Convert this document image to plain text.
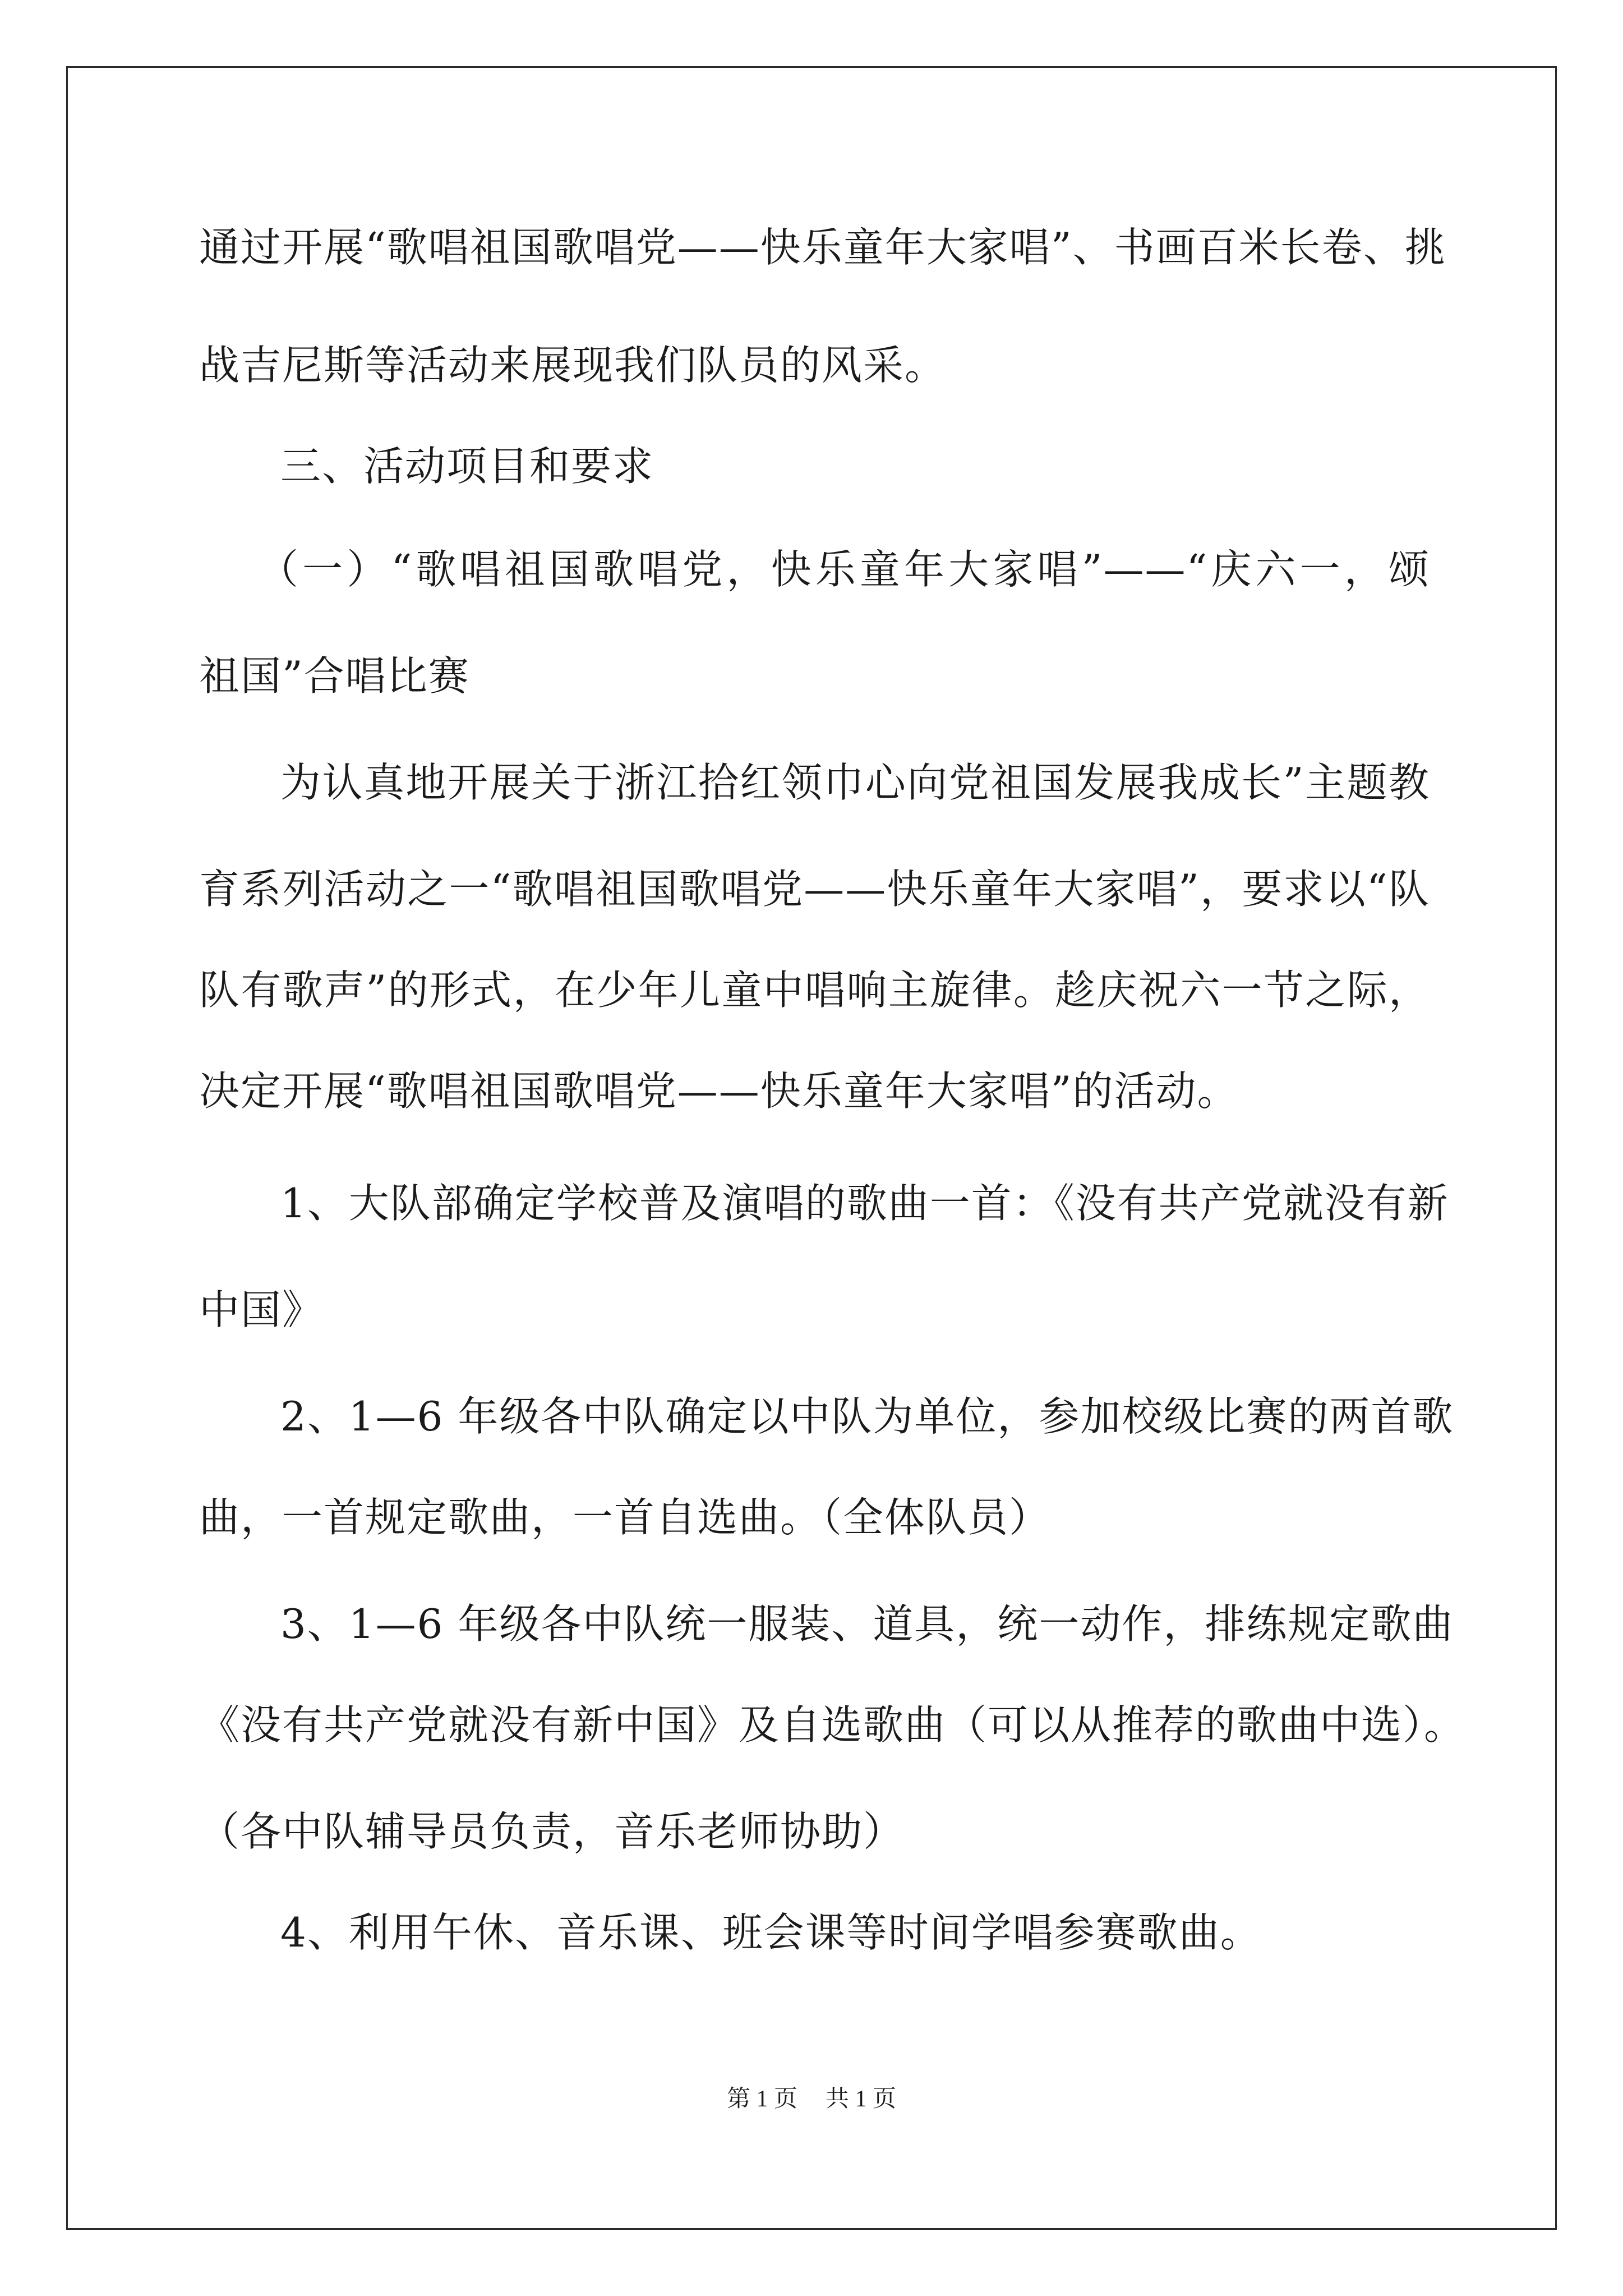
通过开展“歌唱祖国歌唱党——快乐童年大家唱”、书画百米长卷、挑
战吉尼斯等活动来展现我们队员的风采。
三、活动项目和要求
（一）“歌唱祖国歌唱党，快乐童年大家唱”——“庆六一，颂
祖国”合唱比赛
为认真地开展关于浙江拾红领巾心向党祖国发展我成长”主题教
育系列活动之一“歌唱祖国歌唱党——快乐童年大家唱”，要求以“队
队有歌声”的形式，在少年儿童中唱响主旋律。趁庆祝六一节之际，
决定开展“歌唱祖国歌唱党——快乐童年大家唱”的活动。
1、大队部确定学校普及演唱的歌曲一首：《没有共产党就没有新
中国》
2、1—6 年级各中队确定以中队为单位，参加校级比赛的两首歌
曲，一首规定歌曲，一首自选曲。（全体队员）
3、1—6 年级各中队统一服装、道具，统一动作，排练规定歌曲
《没有共产党就没有新中国》及自选歌曲（可以从推荐的歌曲中选）。
（各中队辅导员负责，音乐老师协助）
4、利用午休、音乐课、班会课等时间学唱参赛歌曲。
第 1 页 共 1 页
